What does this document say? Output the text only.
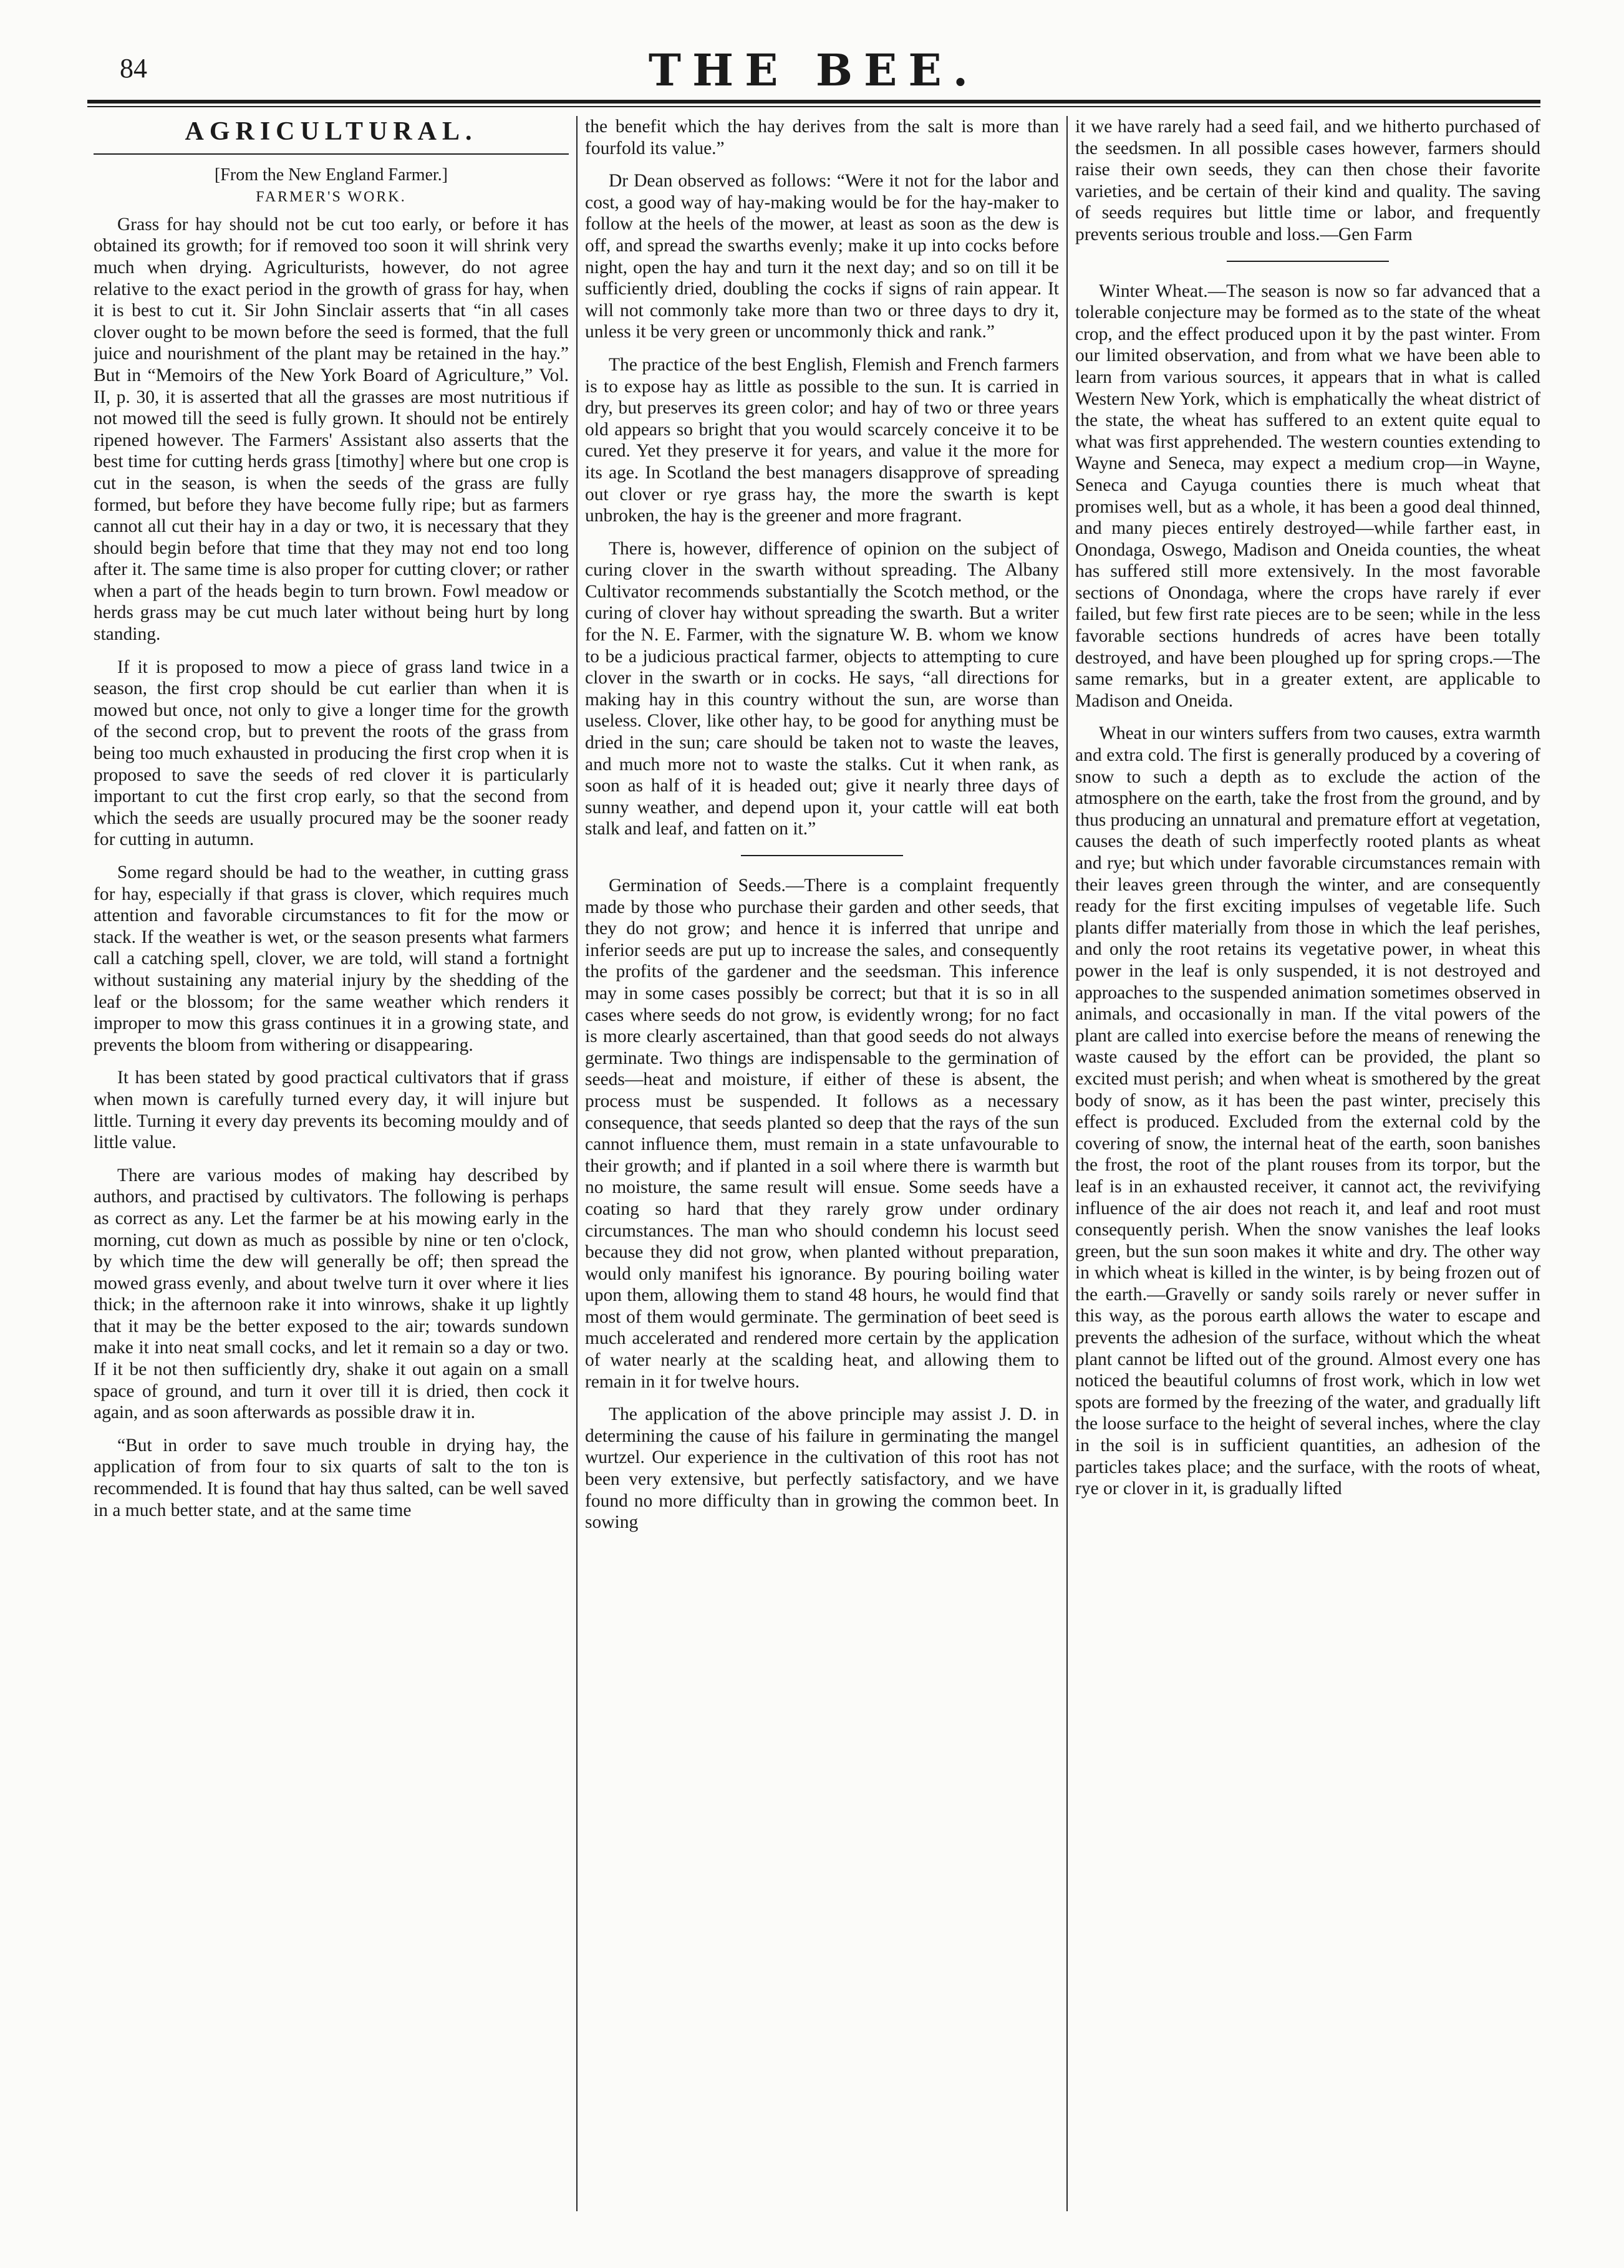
84	THE BEE.
AGRICULTURAL.
[From the New England Farmer.]
FARMER'S WORK.

Grass for hay should not be cut too early, or before it has obtained its growth; for if removed too soon it will shrink very much when drying. Agriculturists, however, do not agree relative to the exact period in the growth of grass for hay, when it is best to cut it. Sir John Sinclair asserts that “in all cases clover ought to be mown before the seed is formed, that the full juice and nourishment of the plant may be retained in the hay.” But in “Memoirs of the New York Board of Agriculture,” Vol. II, p. 30, it is asserted that all the grasses are most nutritious if not mowed till the seed is fully grown. It should not be entirely ripened however. The Farmers' Assistant also asserts that the best time for cutting herds grass [timothy] where but one crop is cut in the season, is when the seeds of the grass are fully formed, but before they have become fully ripe; but as farmers cannot all cut their hay in a day or two, it is necessary that they should begin before that time that they may not end too long after it. The same time is also proper for cutting clover; or rather when a part of the heads begin to turn brown. Fowl meadow or herds grass may be cut much later without being hurt by long standing.

If it is proposed to mow a piece of grass land twice in a season, the first crop should be cut earlier than when it is mowed but once, not only to give a longer time for the growth of the second crop, but to prevent the roots of the grass from being too much exhausted in producing the first crop when it is proposed to save the seeds of red clover it is particularly important to cut the first crop early, so that the second from which the seeds are usually procured may be the sooner ready for cutting in autumn.

Some regard should be had to the weather, in cutting grass for hay, especially if that grass is clover, which requires much attention and favorable circumstances to fit for the mow or stack. If the weather is wet, or the season presents what farmers call a catching spell, clover, we are told, will stand a fortnight without sustaining any material injury by the shedding of the leaf or the blossom; for the same weather which renders it improper to mow this grass continues it in a growing state, and prevents the bloom from withering or disappearing.

It has been stated by good practical cultivators that if grass when mown is carefully turned every day, it will injure but little. Turning it every day prevents its becoming mouldy and of little value.

There are various modes of making hay described by authors, and practised by cultivators. The following is perhaps as correct as any. Let the farmer be at his mowing early in the morning, cut down as much as possible by nine or ten o'clock, by which time the dew will generally be off; then spread the mowed grass evenly, and about twelve turn it over where it lies thick; in the afternoon rake it into winrows, shake it up lightly that it may be the better exposed to the air; towards sundown make it into neat small cocks, and let it remain so a day or two. If it be not then sufficiently dry, shake it out again on a small space of ground, and turn it over till it is dried, then cock it again, and as soon afterwards as possible draw it in.

“But in order to save much trouble in drying hay, the application of from four to six quarts of salt to the ton is recommended. It is found that hay thus salted, can be well saved in a much better state, and at the same time

the benefit which the hay derives from the salt is more than fourfold its value.”

Dr Dean observed as follows: “Were it not for the labor and cost, a good way of hay-making would be for the hay-maker to follow at the heels of the mower, at least as soon as the dew is off, and spread the swarths evenly; make it up into cocks before night, open the hay and turn it the next day; and so on till it be sufficiently dried, doubling the cocks if signs of rain appear. It will not commonly take more than two or three days to dry it, unless it be very green or uncommonly thick and rank.”

The practice of the best English, Flemish and French farmers is to expose hay as little as possible to the sun. It is carried in dry, but preserves its green color; and hay of two or three years old appears so bright that you would scarcely conceive it to be cured. Yet they preserve it for years, and value it the more for its age. In Scotland the best managers disapprove of spreading out clover or rye grass hay, the more the swarth is kept unbroken, the hay is the greener and more fragrant.

There is, however, difference of opinion on the subject of curing clover in the swarth without spreading. The Albany Cultivator recommends substantially the Scotch method, or the curing of clover hay without spreading the swarth. But a writer for the N. E. Farmer, with the signature W. B. whom we know to be a judicious practical farmer, objects to attempting to cure clover in the swarth or in cocks. He says, “all directions for making hay in this country without the sun, are worse than useless. Clover, like other hay, to be good for anything must be dried in the sun; care should be taken not to waste the leaves, and much more not to waste the stalks. Cut it when rank, as soon as half of it is headed out; give it nearly three days of sunny weather, and depend upon it, your cattle will eat both stalk and leaf, and fatten on it.”

Germination of Seeds.—There is a complaint frequently made by those who purchase their garden and other seeds, that they do not grow; and hence it is inferred that unripe and inferior seeds are put up to increase the sales, and consequently the profits of the gardener and the seedsman. This inference may in some cases possibly be correct; but that it is so in all cases where seeds do not grow, is evidently wrong; for no fact is more clearly ascertained, than that good seeds do not always germinate. Two things are indispensable to the germination of seeds—heat and moisture, if either of these is absent, the process must be suspended. It follows as a necessary consequence, that seeds planted so deep that the rays of the sun cannot influence them, must remain in a state unfavourable to their growth; and if planted in a soil where there is warmth but no moisture, the same result will ensue. Some seeds have a coating so hard that they rarely grow under ordinary circumstances. The man who should condemn his locust seed because they did not grow, when planted without preparation, would only manifest his ignorance. By pouring boiling water upon them, allowing them to stand 48 hours, he would find that most of them would germinate. The germination of beet seed is much accelerated and rendered more certain by the application of water nearly at the scalding heat, and allowing them to remain in it for twelve hours.

The application of the above principle may assist J. D. in determining the cause of his failure in germinating the mangel wurtzel. Our experience in the cultivation of this root has not been very extensive, but perfectly satisfactory, and we have found no more difficulty than in growing the common beet. In sowing

it we have rarely had a seed fail, and we hitherto purchased of the seedsmen. In all possible cases however, farmers should raise their own seeds, they can then chose their favorite varieties, and be certain of their kind and quality. The saving of seeds requires but little time or labor, and frequently prevents serious trouble and loss.—Gen Farm

Winter Wheat.—The season is now so far advanced that a tolerable conjecture may be formed as to the state of the wheat crop, and the effect produced upon it by the past winter. From our limited observation, and from what we have been able to learn from various sources, it appears that in what is called Western New York, which is emphatically the wheat district of the state, the wheat has suffered to an extent quite equal to what was first apprehended. The western counties extending to Wayne and Seneca, may expect a medium crop—in Wayne, Seneca and Cayuga counties there is much wheat that promises well, but as a whole, it has been a good deal thinned, and many pieces entirely destroyed—while farther east, in Onondaga, Oswego, Madison and Oneida counties, the wheat has suffered still more extensively. In the most favorable sections of Onondaga, where the crops have rarely if ever failed, but few first rate pieces are to be seen; while in the less favorable sections hundreds of acres have been totally destroyed, and have been ploughed up for spring crops.—The same remarks, but in a greater extent, are applicable to Madison and Oneida.

Wheat in our winters suffers from two causes, extra warmth and extra cold. The first is generally produced by a covering of snow to such a depth as to exclude the action of the atmosphere on the earth, take the frost from the ground, and by thus producing an unnatural and premature effort at vegetation, causes the death of such imperfectly rooted plants as wheat and rye; but which under favorable circumstances remain with their leaves green through the winter, and are consequently ready for the first exciting impulses of vegetable life. Such plants differ materially from those in which the leaf perishes, and only the root retains its vegetative power, in wheat this power in the leaf is only suspended, it is not destroyed and approaches to the suspended animation sometimes observed in animals, and occasionally in man. If the vital powers of the plant are called into exercise before the means of renewing the waste caused by the effort can be provided, the plant so excited must perish; and when wheat is smothered by the great body of snow, as it has been the past winter, precisely this effect is produced. Excluded from the external cold by the covering of snow, the internal heat of the earth, soon banishes the frost, the root of the plant rouses from its torpor, but the leaf is in an exhausted receiver, it cannot act, the revivifying influence of the air does not reach it, and leaf and root must consequently perish. When the snow vanishes the leaf looks green, but the sun soon makes it white and dry. The other way in which wheat is killed in the winter, is by being frozen out of the earth.—Gravelly or sandy soils rarely or never suffer in this way, as the porous earth allows the water to escape and prevents the adhesion of the surface, without which the wheat plant cannot be lifted out of the ground. Almost every one has noticed the beautiful columns of frost work, which in low wet spots are formed by the freezing of the water, and gradually lift the loose surface to the height of several inches, where the clay in the soil is in sufficient quantities, an adhesion of the particles takes place; and the surface, with the roots of wheat, rye or clover in it, is gradually lifted
